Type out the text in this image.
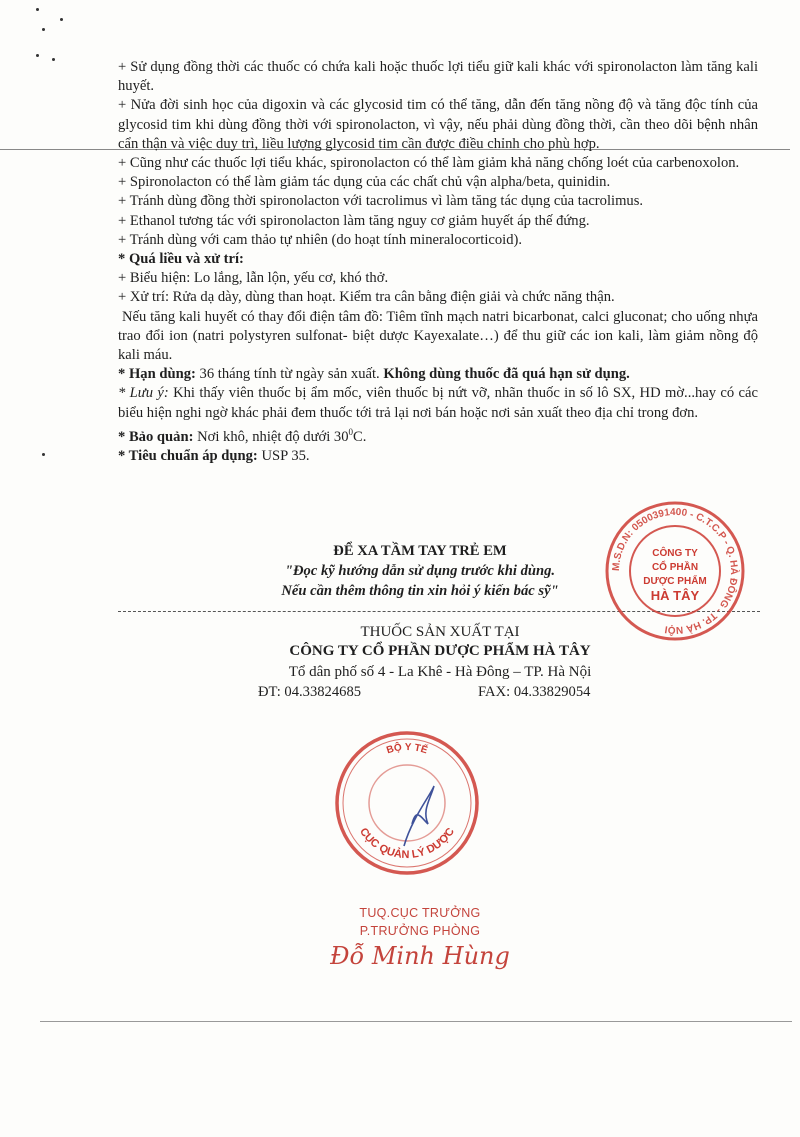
+ Sử dụng đồng thời các thuốc có chứa kali hoặc thuốc lợi tiểu giữ kali khác với spironolacton làm tăng kali huyết.

+ Nửa đời sinh học của digoxin và các glycosid tim có thể tăng, dẫn đến tăng nồng độ và tăng độc tính của glycosid tim khi dùng đồng thời với spironolacton, vì vậy, nếu phải dùng đồng thời, cần theo dõi bệnh nhân cẩn thận và việc duy trì, liều lượng glycosid tim cần được điều chỉnh cho phù hợp.

+ Cũng như các thuốc lợi tiểu khác, spironolacton có thể làm giảm khả năng chống loét của carbenoxolon.

+ Spironolacton có thể làm giảm tác dụng của các chất chủ vận alpha/beta, quinidin.

+ Tránh dùng đồng thời spironolacton với tacrolimus vì làm tăng tác dụng của tacrolimus.

+ Ethanol tương tác với spironolacton làm tăng nguy cơ giảm huyết áp thế đứng.

+ Tránh dùng với cam thảo tự nhiên (do hoạt tính mineralocorticoid).

* Quá liều và xử trí:

+ Biểu hiện: Lo lắng, lẫn lộn, yếu cơ, khó thở.

+ Xử trí: Rửa dạ dày, dùng than hoạt. Kiểm tra cân bằng điện giải và chức năng thận.

Nếu tăng kali huyết có thay đổi điện tâm đồ: Tiêm tĩnh mạch natri bicarbonat, calci gluconat; cho uống nhựa trao đổi ion (natri polystyren sulfonat- biệt dược Kayexalate…) để thu giữ các ion kali, làm giảm nồng độ kali máu.

* Hạn dùng: 36 tháng tính từ ngày sản xuất. Không dùng thuốc đã quá hạn sử dụng.

* Lưu ý: Khi thấy viên thuốc bị ẩm mốc, viên thuốc bị nứt vỡ, nhãn thuốc in số lô SX, HD mờ...hay có các biểu hiện nghi ngờ khác phải đem thuốc tới trả lại nơi bán hoặc nơi sản xuất theo địa chỉ trong đơn.

* Bảo quản: Nơi khô, nhiệt độ dưới $30^0C$.

* Tiêu chuẩn áp dụng: USP 35.

ĐỂ XA TẦM TAY TRẺ EM
"Đọc kỹ hướng dẫn sử dụng trước khi dùng.
Nếu cần thêm thông tin xin hỏi ý kiến bác sỹ"
THUỐC SẢN XUẤT TẠI
CÔNG TY CỔ PHẦN DƯỢC PHẨM HÀ TÂY
Tổ dân phố số 4 - La Khê - Hà Đông – TP. Hà Nội
ĐT: 04.33824685	FAX: 04.33829054
M.S.D.N: 0500391400 - C.T.C.P - Q. HÀ ĐÔNG - TP. HÀ NỘI
CÔNG TY
CỔ PHẦN
DƯỢC PHẨM
HÀ TÂY
BỘ Y TẾ
CỤC QUẢN LÝ DƯỢC
TUQ.CỤC TRƯỞNG
P.TRƯỞNG PHÒNG
Đỗ Minh Hùng
